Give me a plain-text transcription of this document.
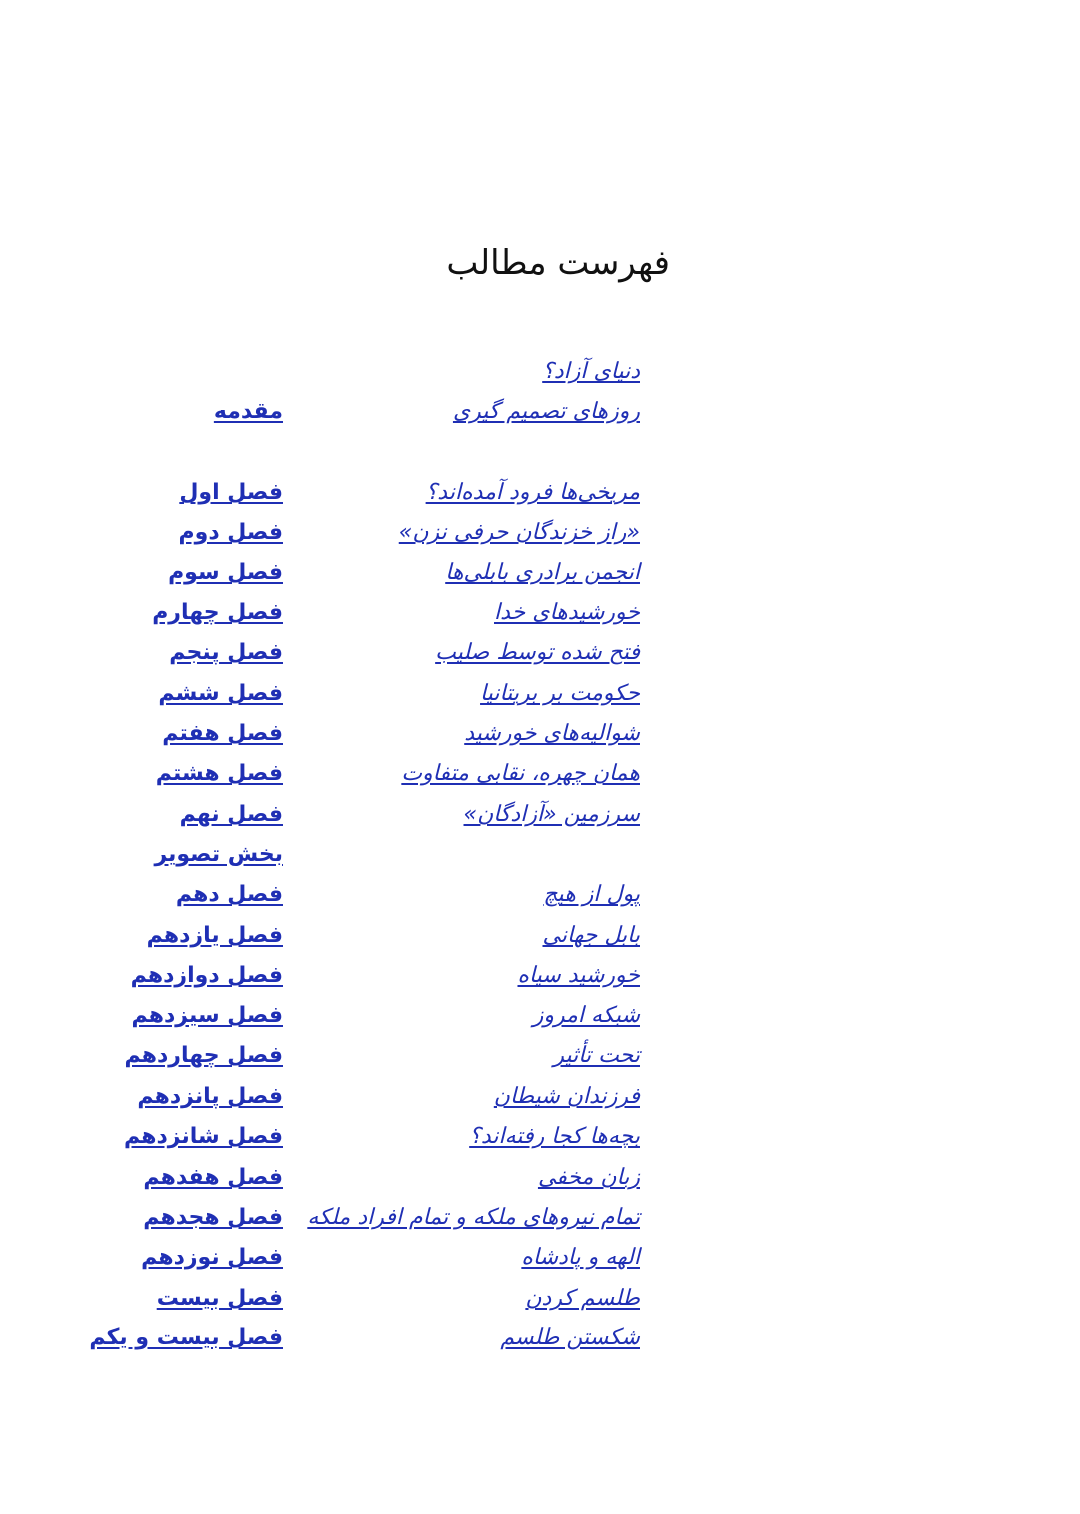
فهرست مطالب
دنیای آزاد؟
مقدمه	روزهای تصمیم گیری
فصل اول	مریخی‌ها فرود آمده‌اند؟
فصل دوم	«راز خزندگان حرفی نزن»
فصل سوم	انجمن برادری بابلی‌ها
فصل چهارم	خورشیدهای خدا
فصل پنجم	فتح شده توسط صلیب
فصل ششم	حکومت بر بریتانیا
فصل هفتم	شوالیه‌های خورشید
فصل هشتم	همان چهره، نقابی متفاوت
فصل نهم	سرزمین «آزادگان»
بخش تصویر
فصل دهم	پول از هیچ
فصل یازدهم	بابل جهانی
فصل دوازدهم	خورشید سیاه
فصل سیزدهم	شبکه امروز
فصل چهاردهم	تحت تأثیر
فصل پانزدهم	فرزندان شیطان
فصل شانزدهم	بچه‌ها کجا رفته‌اند؟
فصل هفدهم	زبان مخفی
فصل هجدهم تمام نیروهای ملکه و تمام افراد ملکه
فصل نوزدهم	الهه و پادشاه
فصل بیست	طلسم کردن
فصل بیست و یکم	شکستن طلسم
